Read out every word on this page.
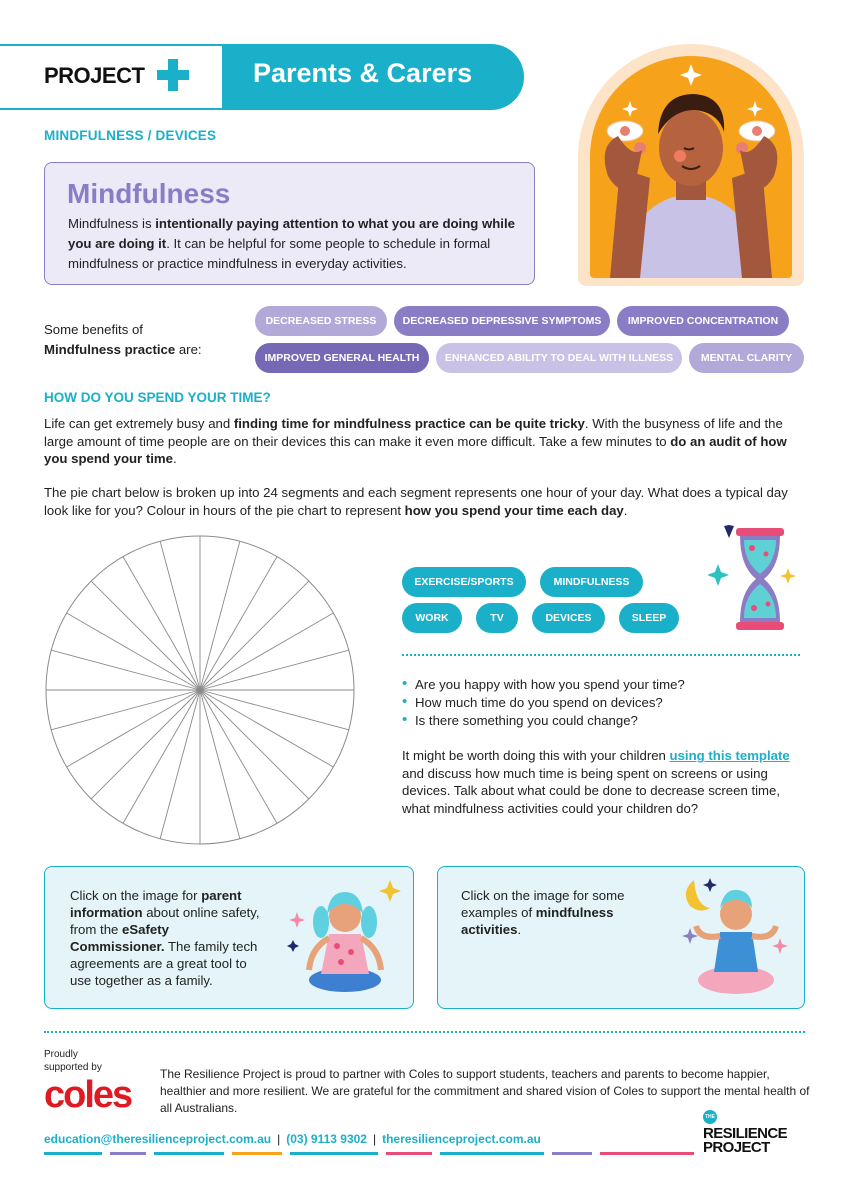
PROJECT	Parents & Carers
MINDFULNESS / DEVICES
Mindfulness
Mindfulness is intentionally paying attention to what you are doing while you are doing it. It can be helpful for some people to schedule in formal mindfulness or practice mindfulness in everyday activities.
Some benefits of
Mindfulness practice are:
DECREASED STRESS	DECREASED DEPRESSIVE SYMPTOMS	IMPROVED CONCENTRATION
IMPROVED GENERAL HEALTH	ENHANCED ABILITY TO DEAL WITH ILLNESS	MENTAL CLARITY
HOW DO YOU SPEND YOUR TIME?
Life can get extremely busy and finding time for mindfulness practice can be quite tricky. With the busyness of life and the large amount of time people are on their devices this can make it even more difficult. Take a few minutes to do an audit of how you spend your time.
The pie chart below is broken up into 24 segments and each segment represents one hour of your day. What does a typical day look like for you? Colour in hours of the pie chart to represent how you spend your time each day.
EXERCISE/SPORTS	MINDFULNESS
WORK	TV	DEVICES	SLEEP
• Are you happy with how you spend your time?
• How much time do you spend on devices?
• Is there something you could change?
It might be worth doing this with your children using this template and discuss how much time is being spent on screens or using devices. Talk about what could be done to decrease screen time, what mindfulness activities could your children do?
Click on the image for parent information about online safety, from the eSafety Commissioner. The family tech agreements are a great tool to use together as a family.
Click on the image for some examples of mindfulness activities.
Proudly supported by
coles The Resilience Project is proud to partner with Coles to support students, teachers and parents to become happier, healthier and more resilient. We are grateful for the commitment and shared vision of Coles to support the mental health of all Australians.
education@theresilienceproject.com.au | (03) 9113 9302 | theresilienceproject.com.au
THE
RESILIENCE
PROJECT
